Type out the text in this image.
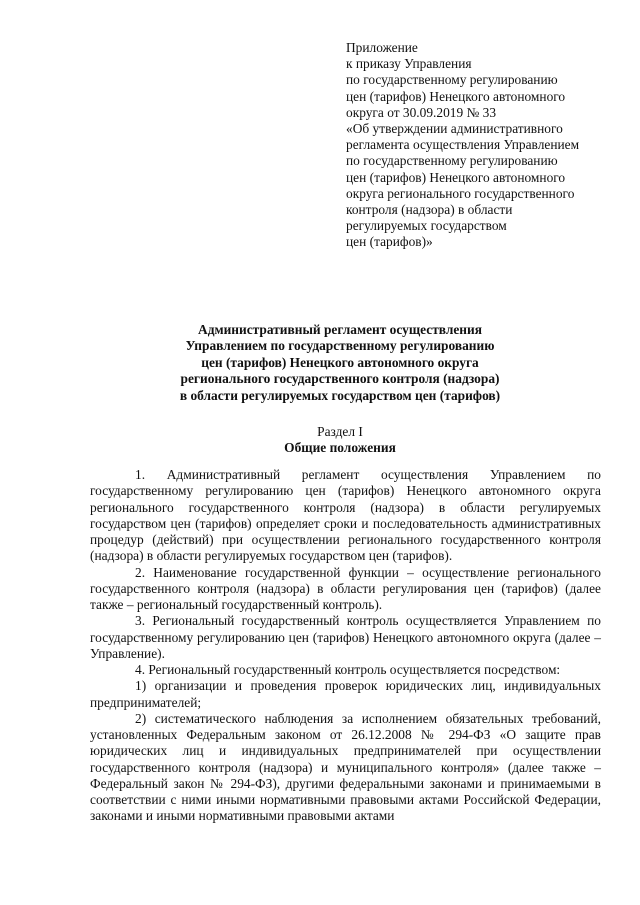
Приложение
к приказу Управления
по государственному регулированию
цен (тарифов) Ненецкого автономного
округа от 30.09.2019 № 33
«Об утверждении административного
регламента осуществления Управлением
по государственному регулированию
цен (тарифов) Ненецкого автономного
округа регионального государственного
контроля (надзора) в области
регулируемых государством
цен (тарифов)»
Административный регламент осуществления
Управлением по государственному регулированию
цен (тарифов) Ненецкого автономного округа
регионального государственного контроля (надзора)
в области регулируемых государством цен (тарифов)
Раздел I
Общие положения

1. Административный регламент осуществления Управлением по государственному регулированию цен (тарифов) Ненецкого автономного округа регионального государственного контроля (надзора) в области регулируемых государством цен (тарифов) определяет сроки и последовательность административных процедур (действий) при осуществлении регионального государственного контроля (надзора) в области регулируемых государством цен (тарифов).

2. Наименование государственной функции – осуществление регионального государственного контроля (надзора) в области регулирования цен (тарифов) (далее также – региональный государственный контроль).

3. Региональный государственный контроль осуществляется Управлением по государственному регулированию цен (тарифов) Ненецкого автономного округа (далее – Управление).

4. Региональный государственный контроль осуществляется посредством:

1) организации и проведения проверок юридических лиц, индивидуальных предпринимателей;

2) систематического наблюдения за исполнением обязательных требований, установленных Федеральным законом от 26.12.2008 № 294-ФЗ «О защите прав юридических лиц и индивидуальных предпринимателей при осуществлении государственного контроля (надзора) и муниципального контроля» (далее также – Федеральный закон № 294-ФЗ), другими федеральными законами и принимаемыми в соответствии с ними иными нормативными правовыми актами Российской Федерации, законами и иными нормативными правовыми актами
